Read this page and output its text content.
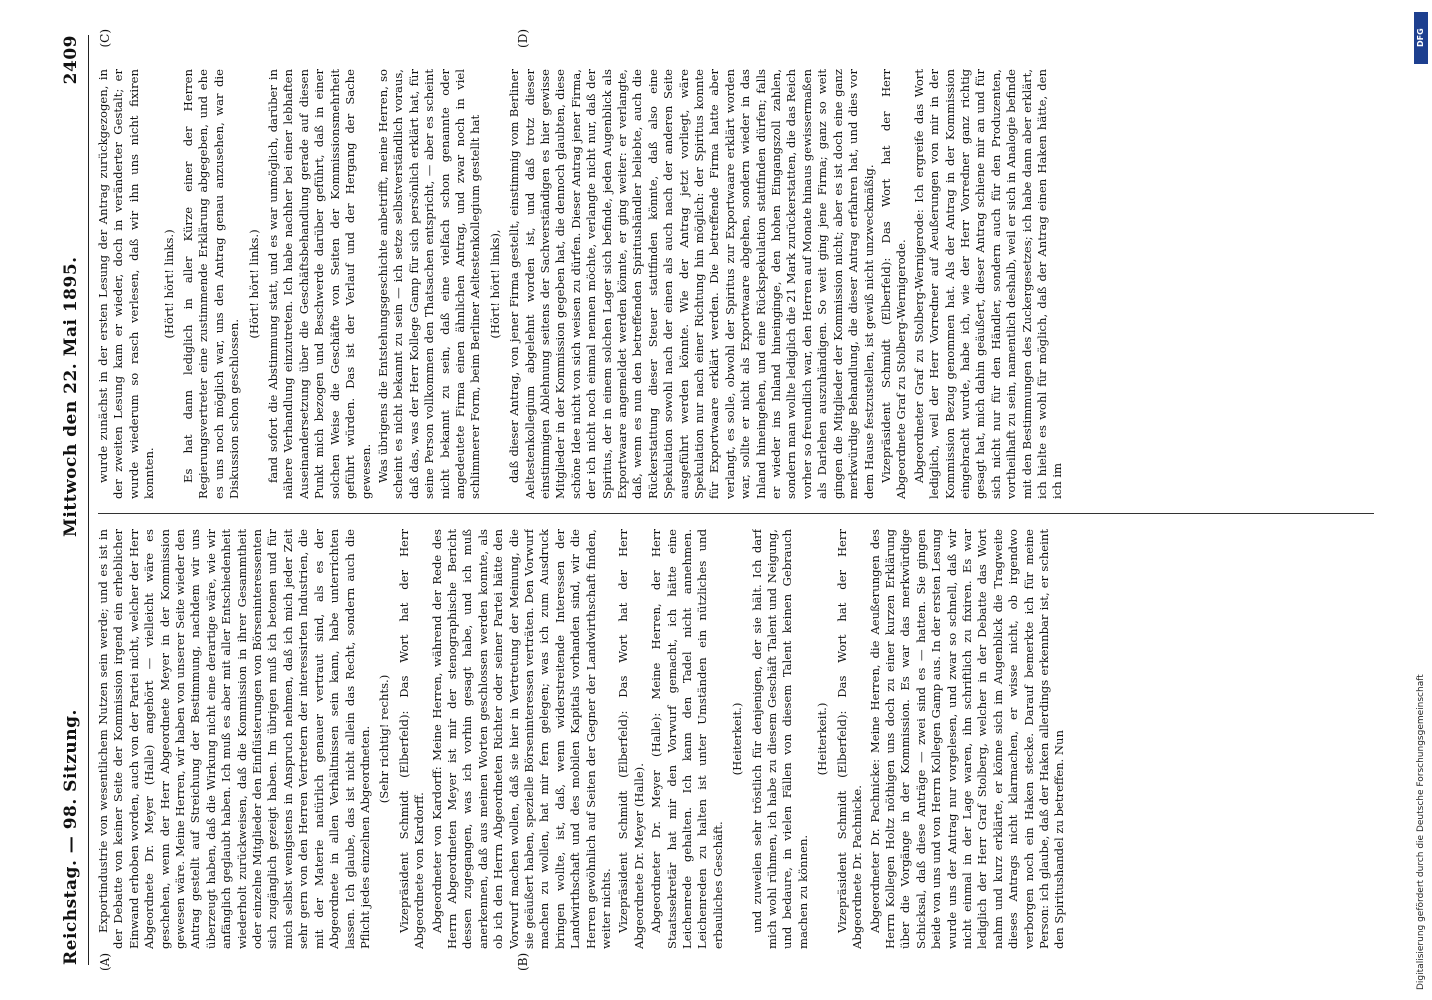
Reichstag. — 98. Sitzung.
Mittwoch den 22. Mai 1895.
2409
(A)	(B)
(C)	(D)

Exportindustrie von wesentlichem Nutzen sein werde; und es ist in der Debatte von keiner Seite der Kommission irgend ein erheblicher Einwand erhoben worden, auch von der Partei nicht, welcher der Herr Abgeordnete Dr. Meyer (Halle) angehört — vielleicht wäre es geschehen, wenn der Herr Abgeordnete Meyer in der Kommission gewesen wäre. Meine Herren, wir haben von unserer Seite wieder den Antrag gestellt auf Streichung der Bestimmung, nachdem wir uns überzeugt haben, daß die Wirkung nicht eine derartige wäre, wie wir anfänglich geglaubt haben. Ich muß es aber mit aller Entschiedenheit wiederholt zurückweisen, daß die Kommission in ihrer Gesammtheit oder einzelne Mitglieder den Einflüsterungen von Börseninteressenten sich zugänglich gezeigt haben. Im übrigen muß ich betonen und für mich selbst wenigstens in Anspruch nehmen, daß ich mich jeder Zeit sehr gern von den Herren Vertretern der interessirten Industrien, die mit der Materie natürlich genauer vertraut sind, als es der Abgeordnete in allen Verhältnissen sein kann, habe unterrichten lassen. Ich glaube, das ist nicht allein das Recht, sondern auch die Pflicht jedes einzelnen Abgeordneten. (Sehr richtig! rechts.) Vizepräsident Schmidt (Elberfeld): Das Wort hat der Herr Abgeordnete von Kardorff. Abgeordneter von Kardorff: Meine Herren, während der Rede des Herrn Abgeordneten Meyer ist mir der stenographische Bericht dessen zugegangen, was ich vorhin gesagt habe, und ich muß anerkennen, daß aus meinen Worten geschlossen werden konnte, als ob ich den Herrn Abgeordneten Richter oder seiner Partei hätte den Vorwurf machen wollen, daß sie hier in Vertretung der Meinung, die sie geäußert haben, spezielle Börseninteressen verträten. Den Vorwurf machen zu wollen, hat mir fern gelegen; was ich zum Ausdruck bringen wollte, ist, daß, wenn widerstreitende Interessen der Landwirthschaft und des mobilen Kapitals vorhanden sind, wir die Herren gewöhnlich auf Seiten der Gegner der Landwirthschaft finden, weiter nichts. Vizepräsident Schmidt (Elberfeld): Das Wort hat der Herr Abgeordnete Dr. Meyer (Halle). Abgeordneter Dr. Meyer (Halle): Meine Herren, der Herr Staatssekretär hat mir den Vorwurf gemacht, ich hätte eine Leichenrede gehalten. Ich kann den Tadel nicht annehmen. Leichenreden zu halten ist unter Umständen ein nützliches und erbauliches Geschäft.

(Heiterkeit.) und zuweilen sehr tröstlich für denjenigen, der sie hält. Ich darf mich wohl rühmen, ich habe zu diesem Geschäft Talent und Neigung, und bedaure, in vielen Fällen von diesem Talent keinen Gebrauch machen zu können.

(Heiterkeit.) Vizepräsident Schmidt (Elberfeld): Das Wort hat der Herr Abgeordnete Dr. Pachnicke. Abgeordneter Dr. Pachnicke: Meine Herren, die Aeußerungen des Herrn Kollegen Holtz nöthigen uns doch zu einer kurzen Erklärung über die Vorgänge in der Kommission. Es war das merkwürdige Schicksal, daß diese Anträge — zwei sind es — hatten. Sie gingen beide von uns und von Herrn Kollegen Gamp aus. In der ersten Lesung wurde uns der Antrag nur vorgelesen, und zwar so schnell, daß wir nicht einmal in der Lage waren, ihn schriftlich zu fixiren. Es war lediglich der Herr Graf Stolberg, welcher in der Debatte das Wort nahm und kurz erklärte, er könne sich im Augenblick die Tragweite dieses Antrags nicht klarmachen, er wisse nicht, ob irgendwo verborgen noch ein Haken stecke. Darauf bemerkte ich für meine Person: ich glaube, daß der Haken allerdings erkennbar ist, er scheint den Spiritushandel zu betreffen. Nun

wurde zunächst in der ersten Lesung der Antrag zurückgezogen, in der zweiten Lesung kam er wieder, doch in veränderter Gestalt; er wurde wiederum so rasch verlesen, daß wir ihn uns nicht fixiren konnten.

(Hört! hört! links.) Es hat dann lediglich in aller Kürze einer der Herren Regierungsvertreter eine zustimmende Erklärung abgegeben, und ehe es uns noch möglich war, uns den Antrag genau anzusehen, war die Diskussion schon geschlossen.

(Hört! hört! links.) fand sofort die Abstimmung statt, und es war unmöglich, darüber in nähere Verhandlung einzutreten. Ich habe nachher bei einer lebhaften Auseinandersetzung über die Geschäftsbehandlung gerade auf diesen Punkt mich bezogen und Beschwerde darüber geführt, daß in einer solchen Weise die Geschäfte von Seiten der Kommissionsmehrheit geführt würden. Das ist der Verlauf und der Hergang der Sache gewesen. Was übrigens die Entstehungsgeschichte anbetrifft, meine Herren, so scheint es nicht bekannt zu sein — ich setze selbstverständlich voraus, daß das, was der Herr Kollege Gamp für sich persönlich erklärt hat, für seine Person vollkommen den Thatsachen entspricht, — aber es scheint nicht bekannt zu sein, daß eine vielfach schon genannte oder angedeutete Firma einen ähnlichen Antrag, und zwar noch in viel schlimmerer Form, beim Berliner Aeltestenkollegium gestellt hat (Hört! hört! links), daß dieser Antrag, von jener Firma gestellt, einstimmig vom Berliner Aeltestenkollegium abgelehnt worden ist, und daß trotz dieser einstimmigen Ablehnung seitens der Sachverständigen es hier gewisse Mitglieder in der Kommission gegeben hat, die dennoch glaubten, diese schöne Idee nicht von sich weisen zu dürfen. Dieser Antrag jener Firma, der ich nicht noch einmal nennen möchte, verlangte nicht nur, daß der Spiritus, der in einem solchen Lager sich befinde, jeden Augenblick als Exportwaare angemeldet werden könnte, er ging weiter: er verlangte, daß, wenn es nun den betreffenden Spiritushändler beliebte, auch die Rückerstattung dieser Steuer stattfinden könnte, daß also eine Spekulation sowohl nach der einen als auch nach der anderen Seite ausgeführt werden könnte. Wie der Antrag jetzt vorliegt, wäre Spekulation nur nach einer Richtung hin möglich: der Spiritus konnte für Exportwaare erklärt werden. Die betreffende Firma hatte aber verlangt, es solle, obwohl der Spiritus zur Exportwaare erklärt worden war, sollte er nicht als Exportwaare abgehen, sondern wieder in das Inland hineingehen, und eine Rückspekulation stattfinden dürfen; falls er wieder ins Inland hineinginge, den hohen Eingangszoll zahlen, sondern man wollte lediglich die 21 Mark zurückerstatten, die das Reich vorher so freundlich war, den Herren auf Monate hinaus gewissermaßen als Darlehen auszuhändigen. So weit ging jene Firma; ganz so weit gingen die Mitglieder der Kommission nicht; aber es ist doch eine ganz merkwürdige Behandlung, die dieser Antrag erfahren hat, und dies vor dem Hause festzustellen, ist gewiß nicht unzweckmäßig. Vizepräsident Schmidt (Elberfeld): Das Wort hat der Herr Abgeordnete Graf zu Stolberg-Wernigerode. Abgeordneter Graf zu Stolberg-Wernigerode: Ich ergreife das Wort lediglich, weil der Herr Vorredner auf Aeußerungen von mir in der Kommission Bezug genommen hat. Als der Antrag in der Kommission eingebracht wurde, habe ich, wie der Herr Vorredner ganz richtig gesagt hat, mich dahin geäußert, dieser Antrag schiene mir an und für sich nicht nur für den Händler, sondern auch für den Produzenten, vortheilhaft zu sein, namentlich deshalb, weil er sich in Analogie befinde mit den Bestimmungen des Zuckergesetzes; ich habe dann aber erklärt, ich hielte es wohl für möglich, daß der Antrag einen Haken hätte, den ich im

DFG
Digitalisierung gefördert durch die Deutsche Forschungsgemeinschaft
